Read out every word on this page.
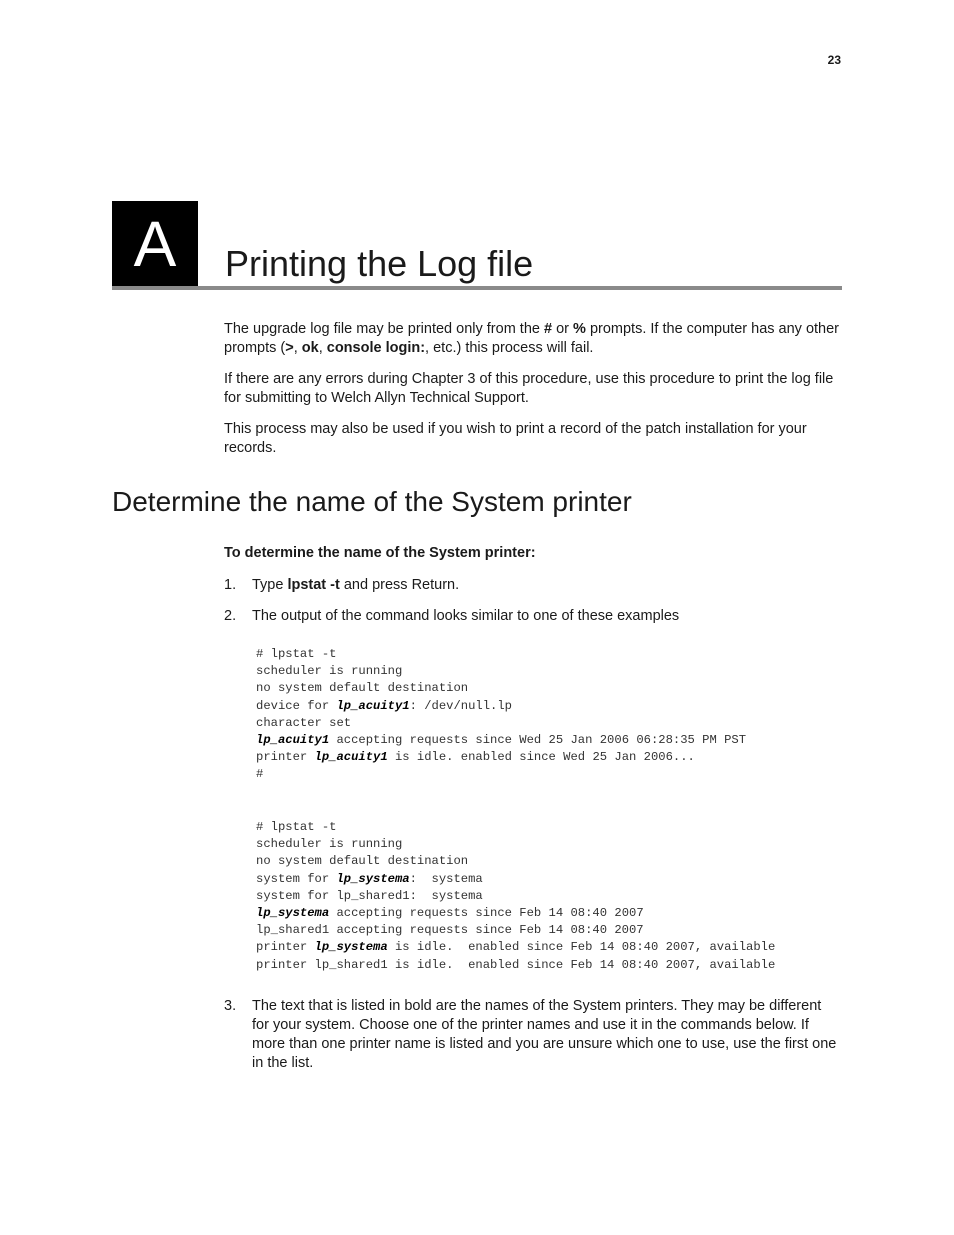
23
A	Printing the Log file

The upgrade log file may be printed only from the # or % prompts. If the computer has any other prompts (>, ok, console login:, etc.) this process will fail.

If there are any errors during Chapter 3 of this procedure, use this procedure to print the log file for submitting to Welch Allyn Technical Support.

This process may also be used if you wish to print a record of the patch installation for your records.

Determine the name of the System printer

To determine the name of the System printer:

1.	Type lpstat -t and press Return.
2.	The output of the command looks similar to one of these examples
# lpstat -t
scheduler is running
no system default destination
device for lp_acuity1: /dev/null.lp
character set
lp_acuity1 accepting requests since Wed 25 Jan 2006 06:28:35 PM PST
printer lp_acuity1 is idle. enabled since Wed 25 Jan 2006...
#
# lpstat -t
scheduler is running
no system default destination
system for lp_systema:  systema
system for lp_shared1:  systema
lp_systema accepting requests since Feb 14 08:40 2007
lp_shared1 accepting requests since Feb 14 08:40 2007
printer lp_systema is idle.  enabled since Feb 14 08:40 2007, available
printer lp_shared1 is idle.  enabled since Feb 14 08:40 2007, available
3.	The text that is listed in bold are the names of the System printers. They may be different for your system. Choose one of the printer names and use it in the commands below. If more than one printer name is listed and you are unsure which one to use, use the first one in the list.
